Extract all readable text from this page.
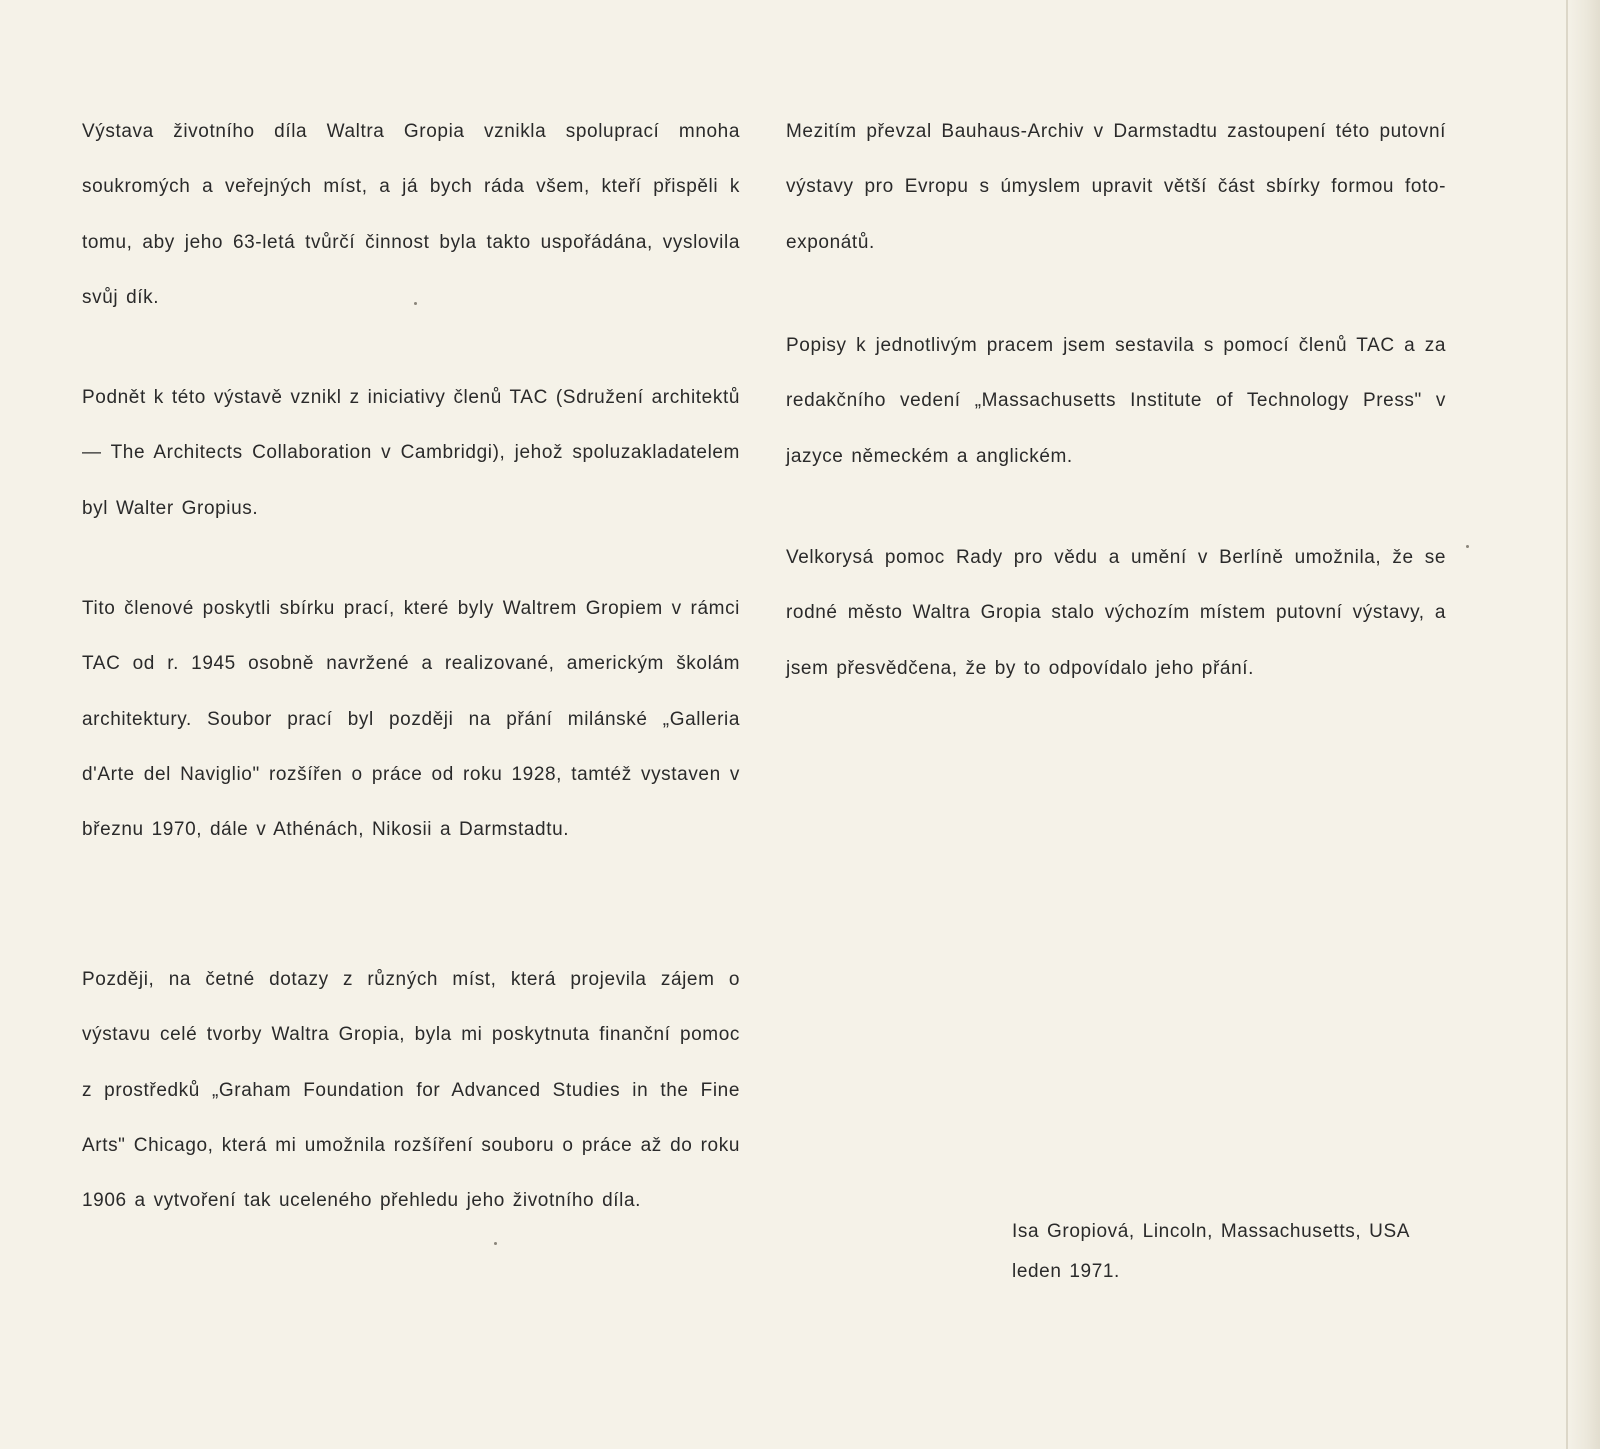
Výstava životního díla Waltra Gropia vznikla spoluprací mnoha soukromých a veřejných míst, a já bych ráda všem, kteří přispěli k tomu, aby jeho 63-letá tvůrčí činnost byla takto uspořádána, vyslovila svůj dík.

Podnět k této výstavě vznikl z iniciativy členů TAC (Sdružení architektů — The Architects Collaboration v Cambridgi), jehož spoluzakladatelem byl Walter Gropius.

Tito členové poskytli sbírku prací, které byly Waltrem Gropiem v rámci TAC od r. 1945 osobně navržené a realizované, americkým školám architektury. Soubor prací byl později na přání milánské „Galleria d'Arte del Naviglio" rozšířen o práce od roku 1928, tamtéž vystaven v březnu 1970, dále v Athénách, Nikosii a Darmstadtu.

Později, na četné dotazy z různých míst, která projevila zájem o výstavu celé tvorby Waltra Gropia, byla mi poskytnuta finanční pomoc z prostředků „Graham Foundation for Advanced Studies in the Fine Arts" Chicago, která mi umožnila rozšíření souboru o práce až do roku 1906 a vytvoření tak uceleného přehledu jeho životního díla.

Mezitím převzal Bauhaus-Archiv v Darmstadtu zastoupení této putovní výstavy pro Evropu s úmyslem upravit větší část sbírky formou foto-exponátů.

Popisy k jednotlivým pracem jsem sestavila s pomocí členů TAC a za redakčního vedení „Massachusetts Institute of Technology Press" v jazyce německém a anglickém.

Velkorysá pomoc Rady pro vědu a umění v Berlíně umožnila, že se rodné město Waltra Gropia stalo výchozím místem putovní výstavy, a jsem přesvědčena, že by to odpovídalo jeho přání.

Isa Gropiová, Lincoln, Massachusetts, USA
leden 1971.
